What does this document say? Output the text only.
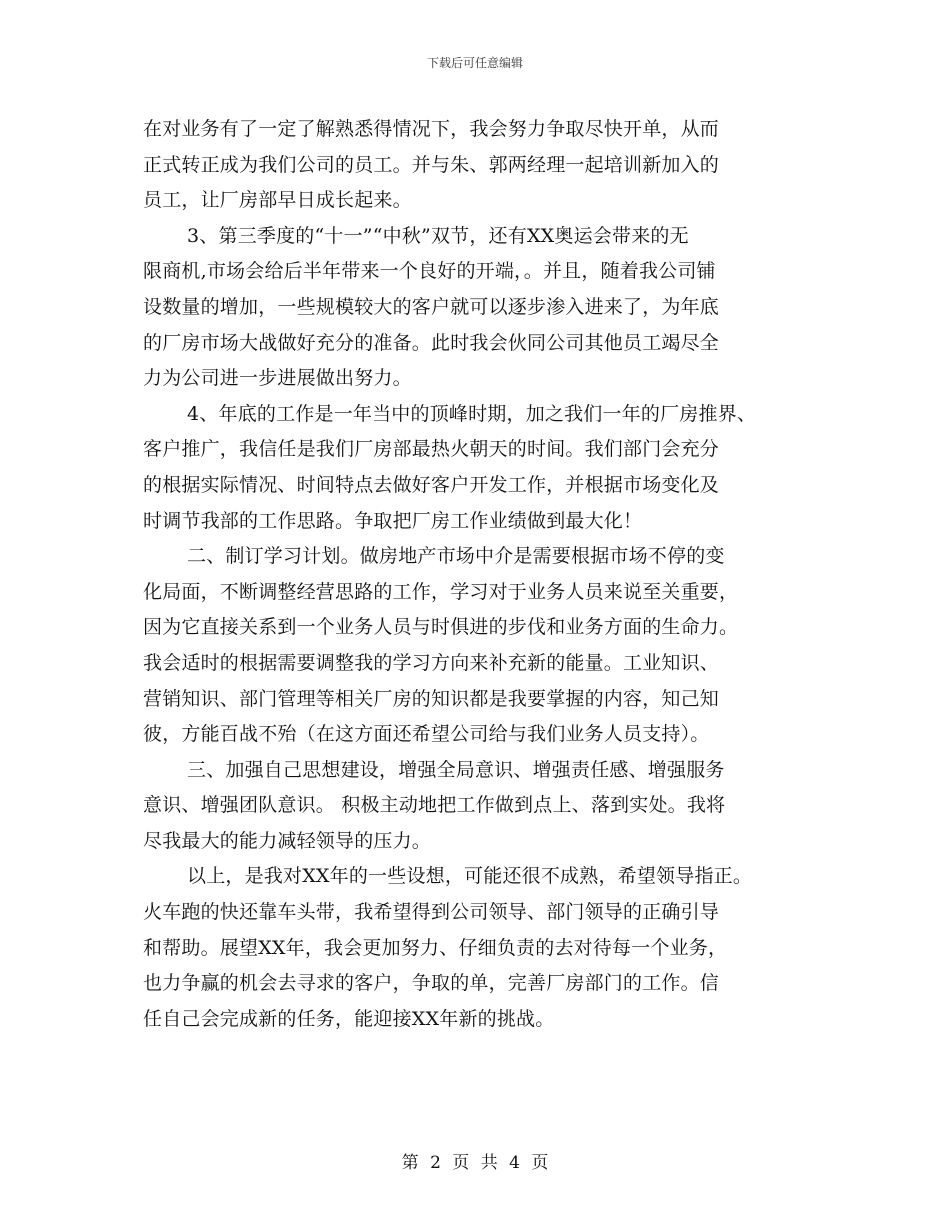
下载后可任意编辑
在对业务有了一定了解熟悉得情况下，我会努力争取尽快开单，从而
正式转正成为我们公司的员工。并与朱、郭两经理一起培训新加入的
员工，让厂房部早日成长起来。
3、第三季度的“十一”“中秋”双节，还有XX奥运会带来的无
限商机,市场会给后半年带来一个良好的开端，。并且，随着我公司铺
设数量的增加，一些规模较大的客户就可以逐步渗入进来了，为年底
的厂房市场大战做好充分的准备。此时我会伙同公司其他员工竭尽全
力为公司进一步进展做出努力。
4、年底的工作是一年当中的顶峰时期，加之我们一年的厂房推界、
客户推广，我信任是我们厂房部最热火朝天的时间。我们部门会充分
的根据实际情况、时间特点去做好客户开发工作，并根据市场变化及
时调节我部的工作思路。争取把厂房工作业绩做到最大化！
二、制订学习计划。做房地产市场中介是需要根据市场不停的变
化局面，不断调整经营思路的工作，学习对于业务人员来说至关重要，
因为它直接关系到一个业务人员与时俱进的步伐和业务方面的生命力。
我会适时的根据需要调整我的学习方向来补充新的能量。工业知识、
营销知识、部门管理等相关厂房的知识都是我要掌握的内容，知己知
彼，方能百战不殆（在这方面还希望公司给与我们业务人员支持）。
三、加强自己思想建设，增强全局意识、增强责任感、增强服务
意识、增强团队意识。 积极主动地把工作做到点上、落到实处。我将
尽我最大的能力减轻领导的压力。
以上，是我对XX年的一些设想，可能还很不成熟，希望领导指正。
火车跑的快还靠车头带，我希望得到公司领导、部门领导的正确引导
和帮助。展望XX年，我会更加努力、仔细负责的去对待每一个业务，
也力争赢的机会去寻求的客户，争取的单，完善厂房部门的工作。信
任自己会完成新的任务，能迎接XX年新的挑战。
第 2 页 共 4 页
